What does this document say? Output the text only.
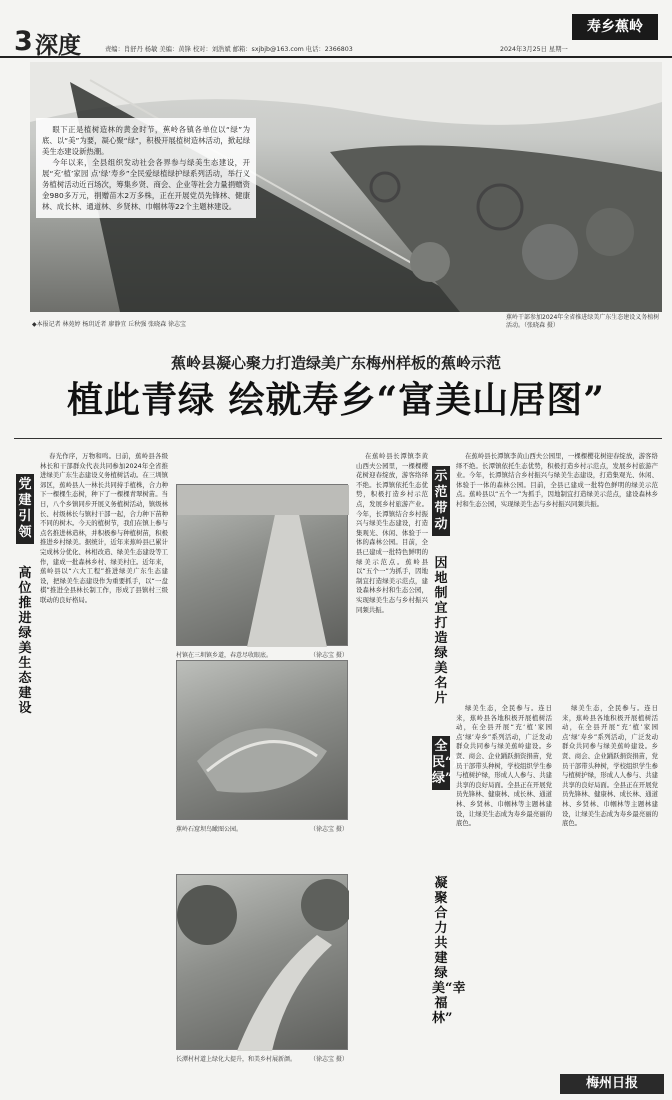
3 深度	责编：肖舒丹 杨敏 美编：黄锋 校对：刘浩斌 邮箱：sxjbjb@163.com 电话：2366803
寿乡蕉岭
2024年3月25日 星期一

眼下正是植树造林的黄金时节，蕉岭各镇各单位以“绿”为底、以“美”为要，凝心聚“绿”，积极开展植树造林活动，掀起绿美生态建设新热潮。

今年以来，全县组织发动社会各界参与绿美生态建设，开展“充‘植’家园 点‘绿’寿乡”全民爱绿植绿护绿系列活动，举行义务植树活动近百场次，筹集乡贤、商会、企业等社会力量捐赠资金980多万元，捐赠苗木2万多株，正在开展党员先锋林、健康林、成长林、通道林、乡贤林、巾帼林等22个主题林建设。

◆本报记者 林苑婷 杨玥近者 廖静宜 丘秋强 张晓森 徐志宝
蕉岭干部参加2024年全省推进绿美广东生态建设义务植树活动。（张晓森 摄）
蕉岭县凝心聚力打造绿美广东梅州样板的蕉岭示范
植此青绿 绘就寿乡“富美山居图”
党建引领
高位推进绿美生态建设
春光作序，万物和鸣。日前，蕉岭县各级林长和干部群众代表共同参加2024年全省推进绿美广东生态建设义务植树活动。在三圳镇郊区，蕉岭县人一林长共同持手植株，合力种下一棵棵生态树，种下了一棵棵青翠树苗。当日，八个乡镇同步开展义务植树活动，镇级林长、村级林长与镇村干部一起，合力种下苗种不同的树木。今天的植树节，我们在镇上参与点名推进林造林，并积极参与种植树苗，积极推进乡村绿美。据统计，近年来蕉岭县已累计完成林分优化、林相改造、绿美生态建设等工作，建成一批森林乡村、绿美村庄。近年来，蕉岭县以“六大工程”推进绿美广东生态建设，把绿美生态建设作为重要抓手，以“一盘棋”推进全县林长制工作，形成了县镇村三级联动的良好格局。
村镇在三圳镇乡道，春意尽收眼底。	（徐志宝 摄）
蕉岭石窟坝鸟瞰图公园。	（徐志宝 摄）
长潭村村道上绿化大提升，和美乡村展新颜。 （徐志宝 摄）
示范带动
因地制宜打造绿美名片
在蕉岭县长潭镇李黄山西夫公园里，一棵棵樱花树迎春绽放，游客络绎不绝。长潭镇依托生态优势，积极打造乡村示范点，发展乡村旅游产业。今年，长潭镇结合乡村振兴与绿美生态建设，打造集观光、休闲、体验于一体的森林公园。目前，全县已建成一批特色鲜明的绿美示范点。蕉岭县以“五个一”为抓手，因地制宜打造绿美示范点，建设森林乡村和生态公园，实现绿美生态与乡村振兴同频共振。
在蕉岭县长潭镇李黄山西夫公园里，一棵棵樱花树迎春绽放，游客络绎不绝。长潭镇依托生态优势，积极打造乡村示范点，发展乡村旅游产业。今年，长潭镇结合乡村振兴与绿美生态建设，打造集观光、休闲、体验于一体的森林公园。目前，全县已建成一批特色鲜明的绿美示范点。蕉岭县以“五个一”为抓手，因地制宜打造绿美示范点，建设森林乡村和生态公园，实现绿美生态与乡村振兴同频共振。
全民“造绿”
凝聚合力共建绿美“幸福林”
绿美生态，全民参与。连日来，蕉岭县各地积极开展植树活动，在全县开展“充‘植’家园 点‘绿’寿乡”系列活动，广泛发动群众共同参与绿美蕉岭建设。乡贤、商会、企业踊跃捐资捐苗，党员干部带头种树，学校组织学生参与植树护绿，形成人人参与、共建共享的良好局面。全县正在开展党员先锋林、健康林、成长林、通道林、乡贤林、巾帼林等主题林建设，让绿美生态成为寿乡最亮丽的底色。
绿美生态，全民参与。连日来，蕉岭县各地积极开展植树活动，在全县开展“充‘植’家园 点‘绿’寿乡”系列活动，广泛发动群众共同参与绿美蕉岭建设。乡贤、商会、企业踊跃捐资捐苗，党员干部带头种树，学校组织学生参与植树护绿，形成人人参与、共建共享的良好局面。全县正在开展党员先锋林、健康林、成长林、通道林、乡贤林、巾帼林等主题林建设，让绿美生态成为寿乡最亮丽的底色。
梅州日报
